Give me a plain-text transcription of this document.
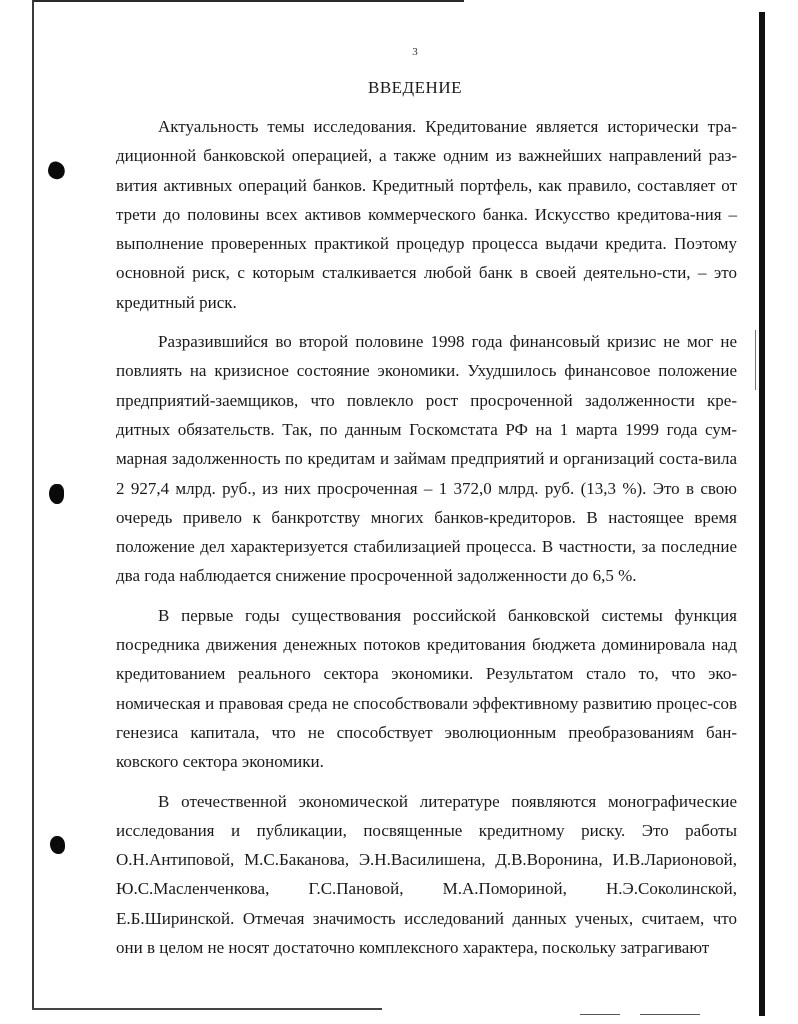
3
ВВЕДЕНИЕ

Актуальность темы исследования. Кредитование является исторически тра-диционной банковской операцией, а также одним из важнейших направлений раз-вития активных операций банков. Кредитный портфель, как правило, составляет от трети до половины всех активов коммерческого банка. Искусство кредитова-ния – выполнение проверенных практикой процедур процесса выдачи кредита. Поэтому основной риск, с которым сталкивается любой банк в своей деятельно-сти, – это кредитный риск.

Разразившийся во второй половине 1998 года финансовый кризис не мог не повлиять на кризисное состояние экономики. Ухудшилось финансовое положение предприятий-заемщиков, что повлекло рост просроченной задолженности кре-дитных обязательств. Так, по данным Госкомстата РФ на 1 марта 1999 года сум-марная задолженность по кредитам и займам предприятий и организаций соста-вила 2 927,4 млрд. руб., из них просроченная – 1 372,0 млрд. руб. (13,3 %). Это в свою очередь привело к банкротству многих банков-кредиторов. В настоящее время положение дел характеризуется стабилизацией процесса. В частности, за последние два года наблюдается снижение просроченной задолженности до 6,5 %.

В первые годы существования российской банковской системы функция посредника движения денежных потоков кредитования бюджета доминировала над кредитованием реального сектора экономики. Результатом стало то, что эко-номическая и правовая среда не способствовали эффективному развитию процес-сов генезиса капитала, что не способствует эволюционным преобразованиям бан-ковского сектора экономики.

В отечественной экономической литературе появляются монографические исследования и публикации, посвященные кредитному риску. Это работы О.Н.Антиповой, М.С.Баканова, Э.Н.Василишена, Д.В.Воронина, И.В.Ларионовой, Ю.С.Масленченкова, Г.С.Пановой, М.А.Помориной, Н.Э.Соколинской, Е.Б.Ширинской. Отмечая значимость исследований данных ученых, считаем, что они в целом не носят достаточно комплексного характера, поскольку затрагивают
